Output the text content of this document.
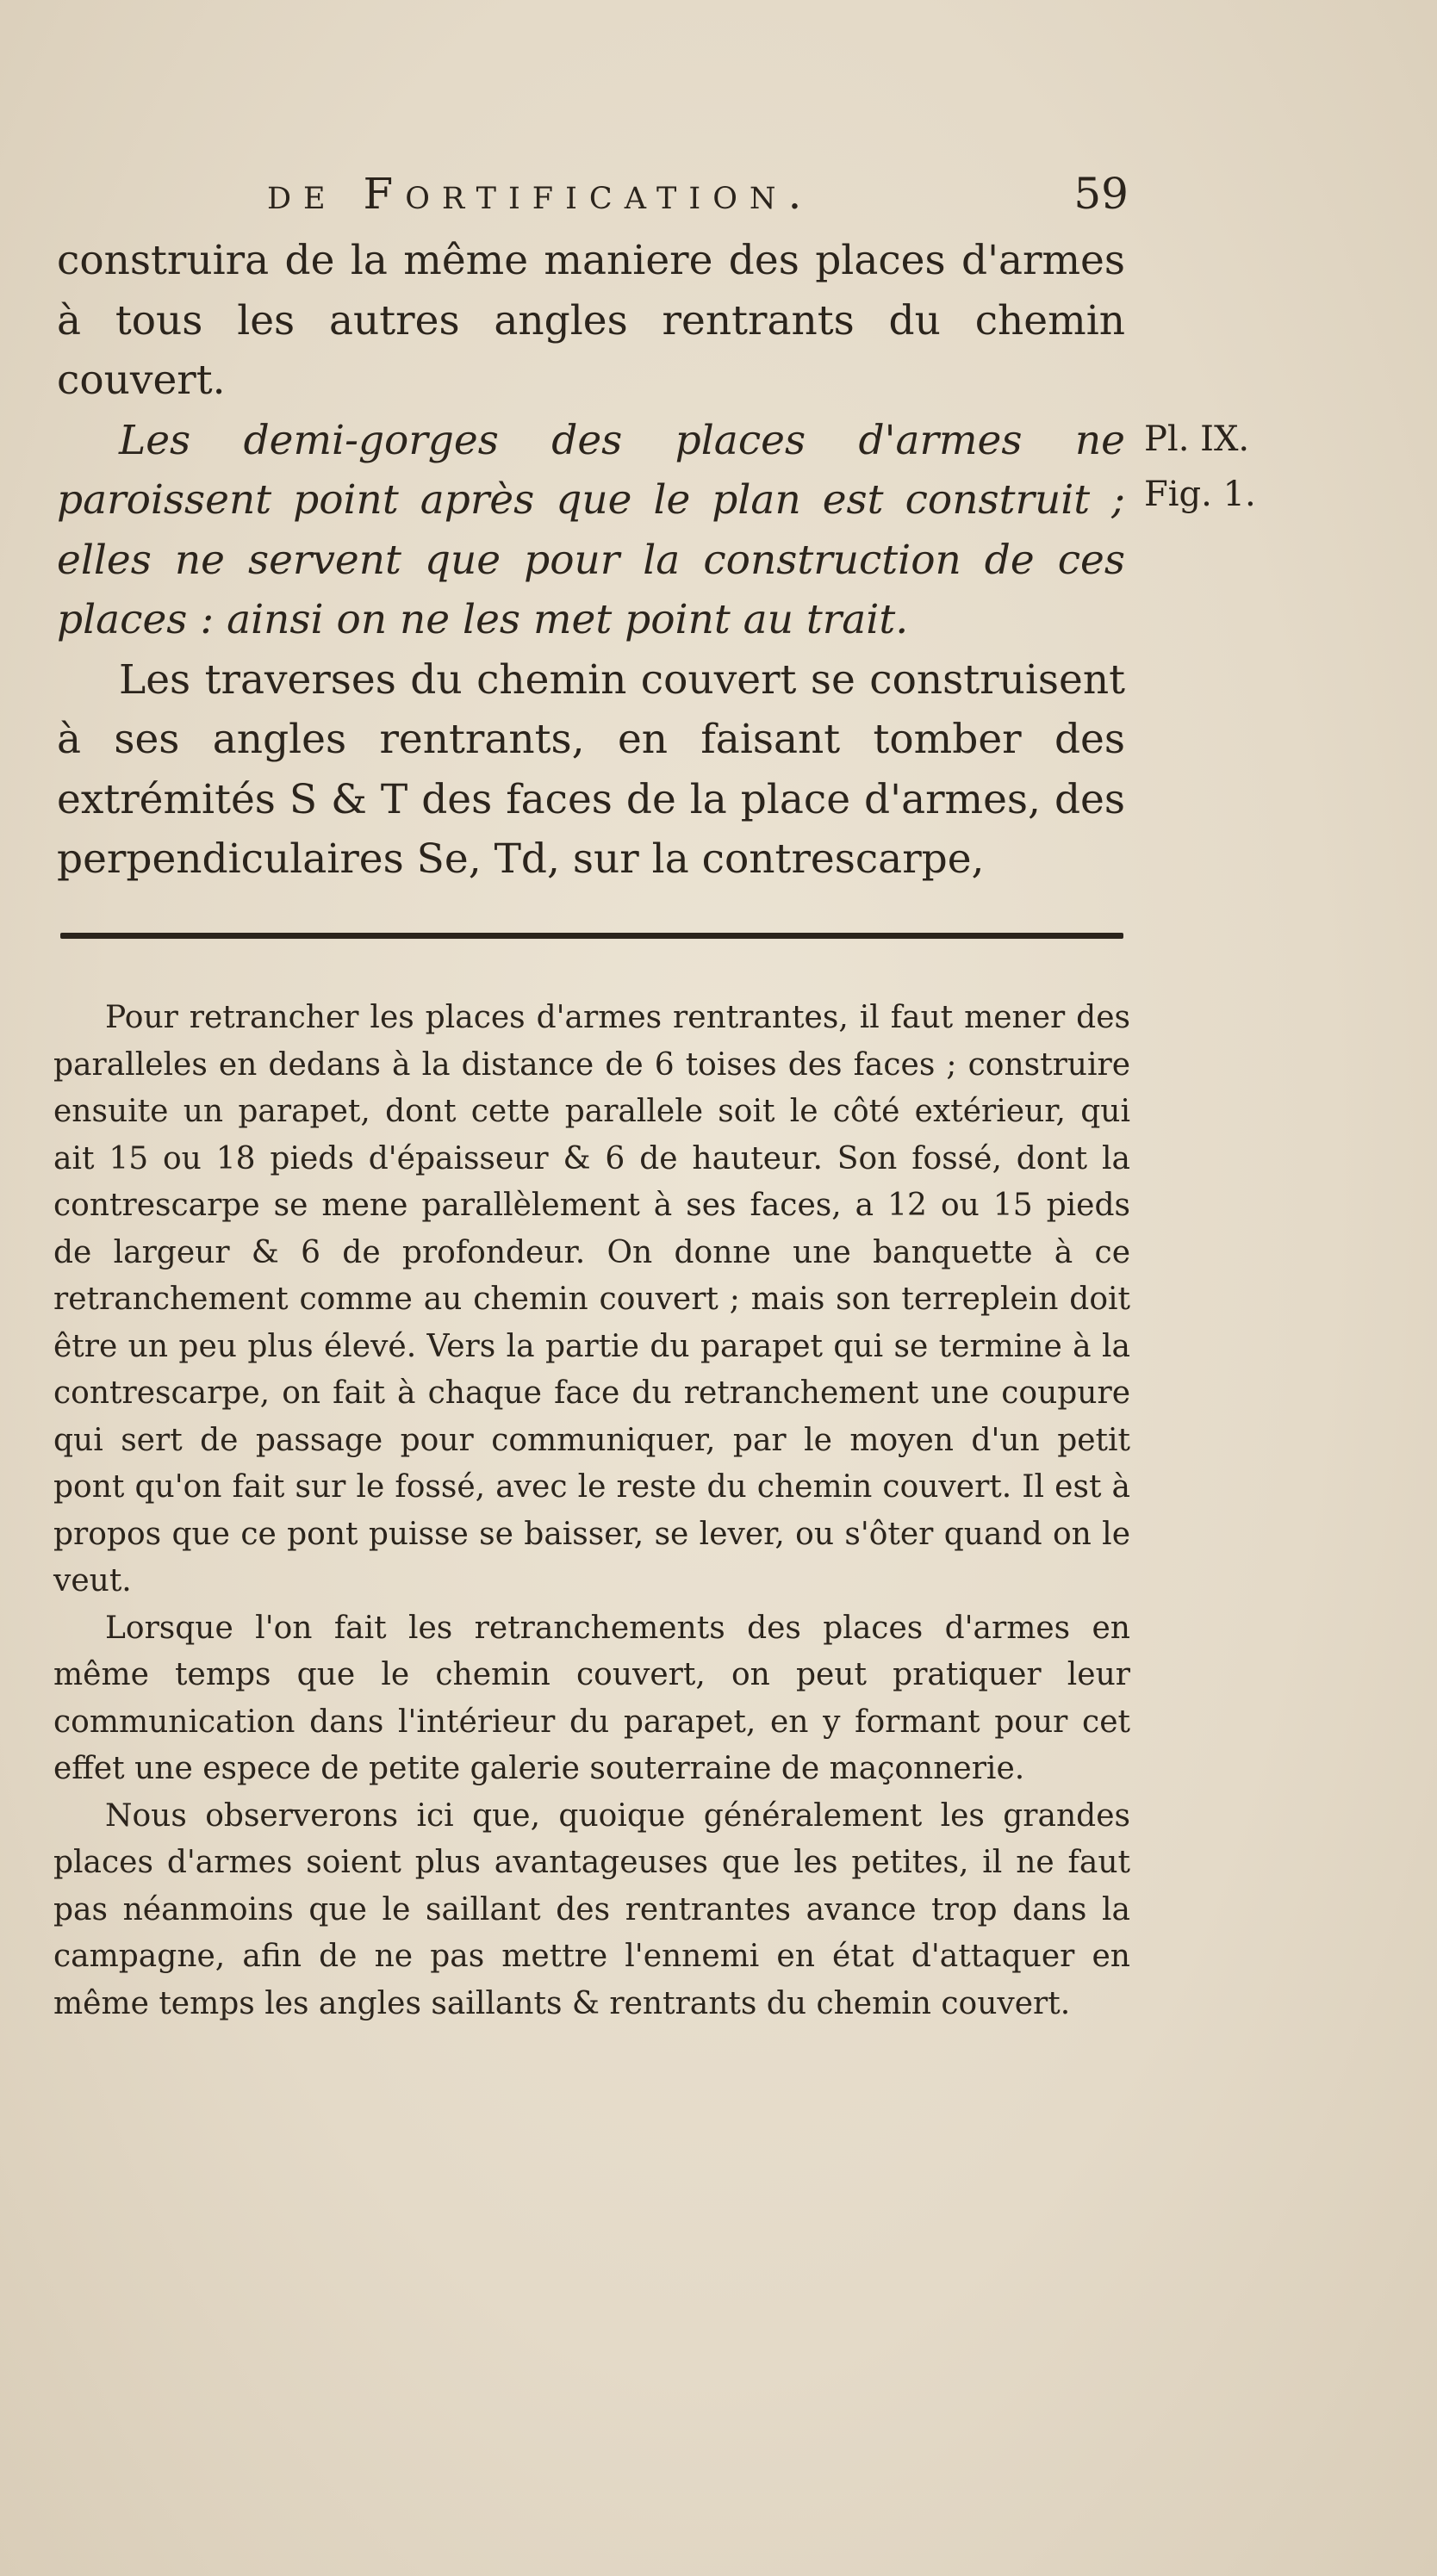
de Fortification.	59

construira de la même maniere des places d'armes à tous les autres angles rentrants du chemin couvert.

Les demi-gorges des places d'armes ne paroissent point après que le plan est construit ; elles ne servent que pour la construction de ces places : ainsi on ne les met point au trait.

Les traverses du chemin couvert se construisent à ses angles rentrants, en faisant tomber des extrémités S & T des faces de la place d'armes, des perpendiculaires Se, Td, sur la contrescarpe,

Pl. IX.
Fig. 1.

Pour retrancher les places d'armes rentrantes, il faut mener des paralleles en dedans à la distance de 6 toises des faces ; construire ensuite un parapet, dont cette parallele soit le côté extérieur, qui ait 15 ou 18 pieds d'épaisseur & 6 de hauteur. Son fossé, dont la contrescarpe se mene parallèlement à ses faces, a 12 ou 15 pieds de largeur & 6 de profondeur. On donne une banquette à ce retranchement comme au chemin couvert ; mais son terreplein doit être un peu plus élevé. Vers la partie du parapet qui se termine à la contrescarpe, on fait à chaque face du retranchement une coupure qui sert de passage pour communiquer, par le moyen d'un petit pont qu'on fait sur le fossé, avec le reste du chemin couvert. Il est à propos que ce pont puisse se baisser, se lever, ou s'ôter quand on le veut.

Lorsque l'on fait les retranchements des places d'armes en même temps que le chemin couvert, on peut pratiquer leur communication dans l'intérieur du parapet, en y formant pour cet effet une espece de petite galerie souterraine de maçonnerie.

Nous observerons ici que, quoique généralement les grandes places d'armes soient plus avantageuses que les petites, il ne faut pas néanmoins que le saillant des rentrantes avance trop dans la campagne, afin de ne pas mettre l'ennemi en état d'attaquer en même temps les angles saillants & rentrants du chemin couvert.
